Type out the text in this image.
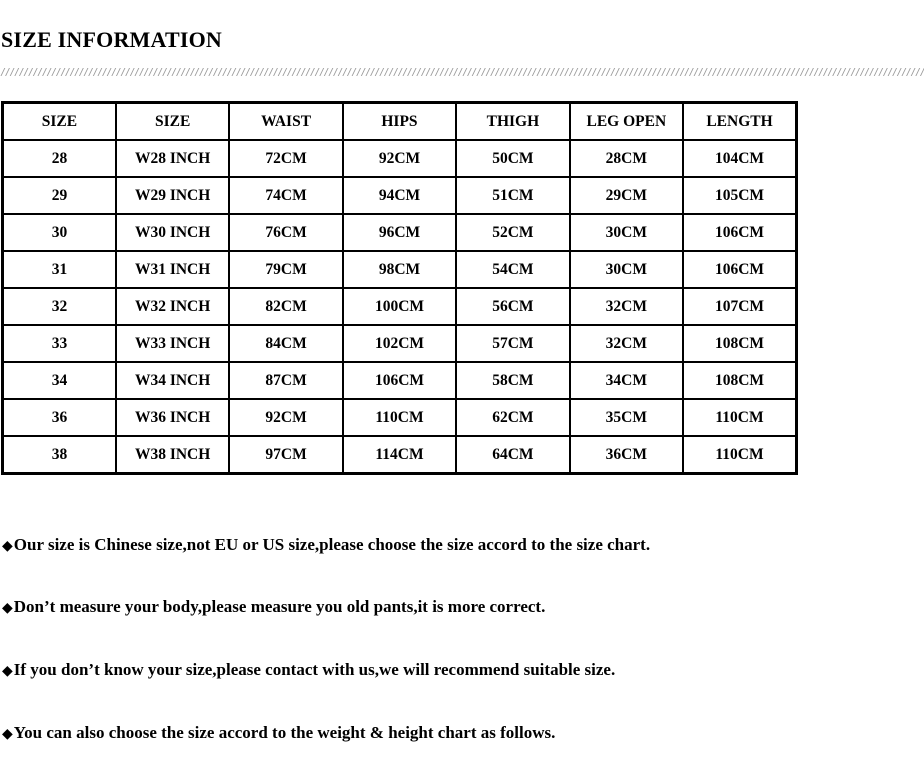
SIZE INFORMATION
////////////////////////////////////////////////////////////////////////////////////////////////////////////////////////////////////////////////////////////////////////////////////////////////////////
SIZE	SIZE	WAIST	HIPS	THIGH	LEG OPEN	LENGTH
28	W28 INCH	72CM	92CM	50CM	28CM	104CM
29	W29 INCH	74CM	94CM	51CM	29CM	105CM
30	W30 INCH	76CM	96CM	52CM	30CM	106CM
31	W31 INCH	79CM	98CM	54CM	30CM	106CM
32	W32 INCH	82CM	100CM	56CM	32CM	107CM
33	W33 INCH	84CM	102CM	57CM	32CM	108CM
34	W34 INCH	87CM	106CM	58CM	34CM	108CM
36	W36 INCH	92CM	110CM	62CM	35CM	110CM
38	W38 INCH	97CM	114CM	64CM	36CM	110CM
◆Our size is Chinese size,not EU or US size,please choose the size accord to the size chart.
◆Don’t measure your body,please measure you old pants,it is more correct.
◆If you don’t know your size,please contact with us,we will recommend suitable size.
◆You can also choose the size accord to the weight & height chart as follows.
